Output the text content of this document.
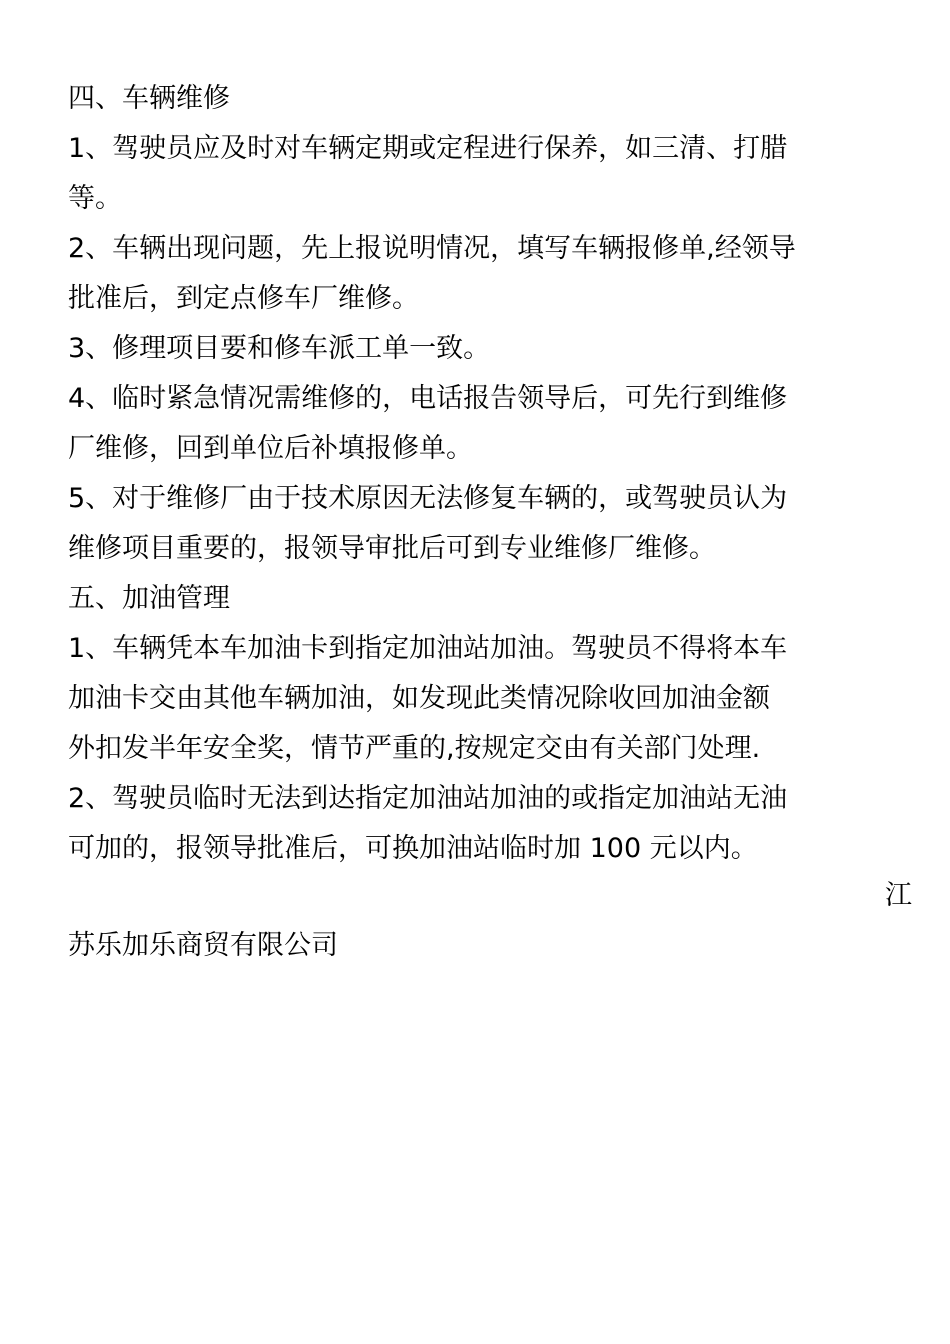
四、车辆维修
1、驾驶员应及时对车辆定期或定程进行保养，如三清、打腊
等。
2、车辆出现问题，先上报说明情况，填写车辆报修单,经领导
批准后，到定点修车厂维修。
3、修理项目要和修车派工单一致。
4、临时紧急情况需维修的，电话报告领导后，可先行到维修
厂维修，回到单位后补填报修单。
5、对于维修厂由于技术原因无法修复车辆的，或驾驶员认为
维修项目重要的，报领导审批后可到专业维修厂维修。
五、加油管理
1、车辆凭本车加油卡到指定加油站加油。驾驶员不得将本车
加油卡交由其他车辆加油，如发现此类情况除收回加油金额
外扣发半年安全奖，情节严重的,按规定交由有关部门处理.
2、驾驶员临时无法到达指定加油站加油的或指定加油站无油
可加的，报领导批准后，可换加油站临时加 100 元以内。
江
苏乐加乐商贸有限公司
